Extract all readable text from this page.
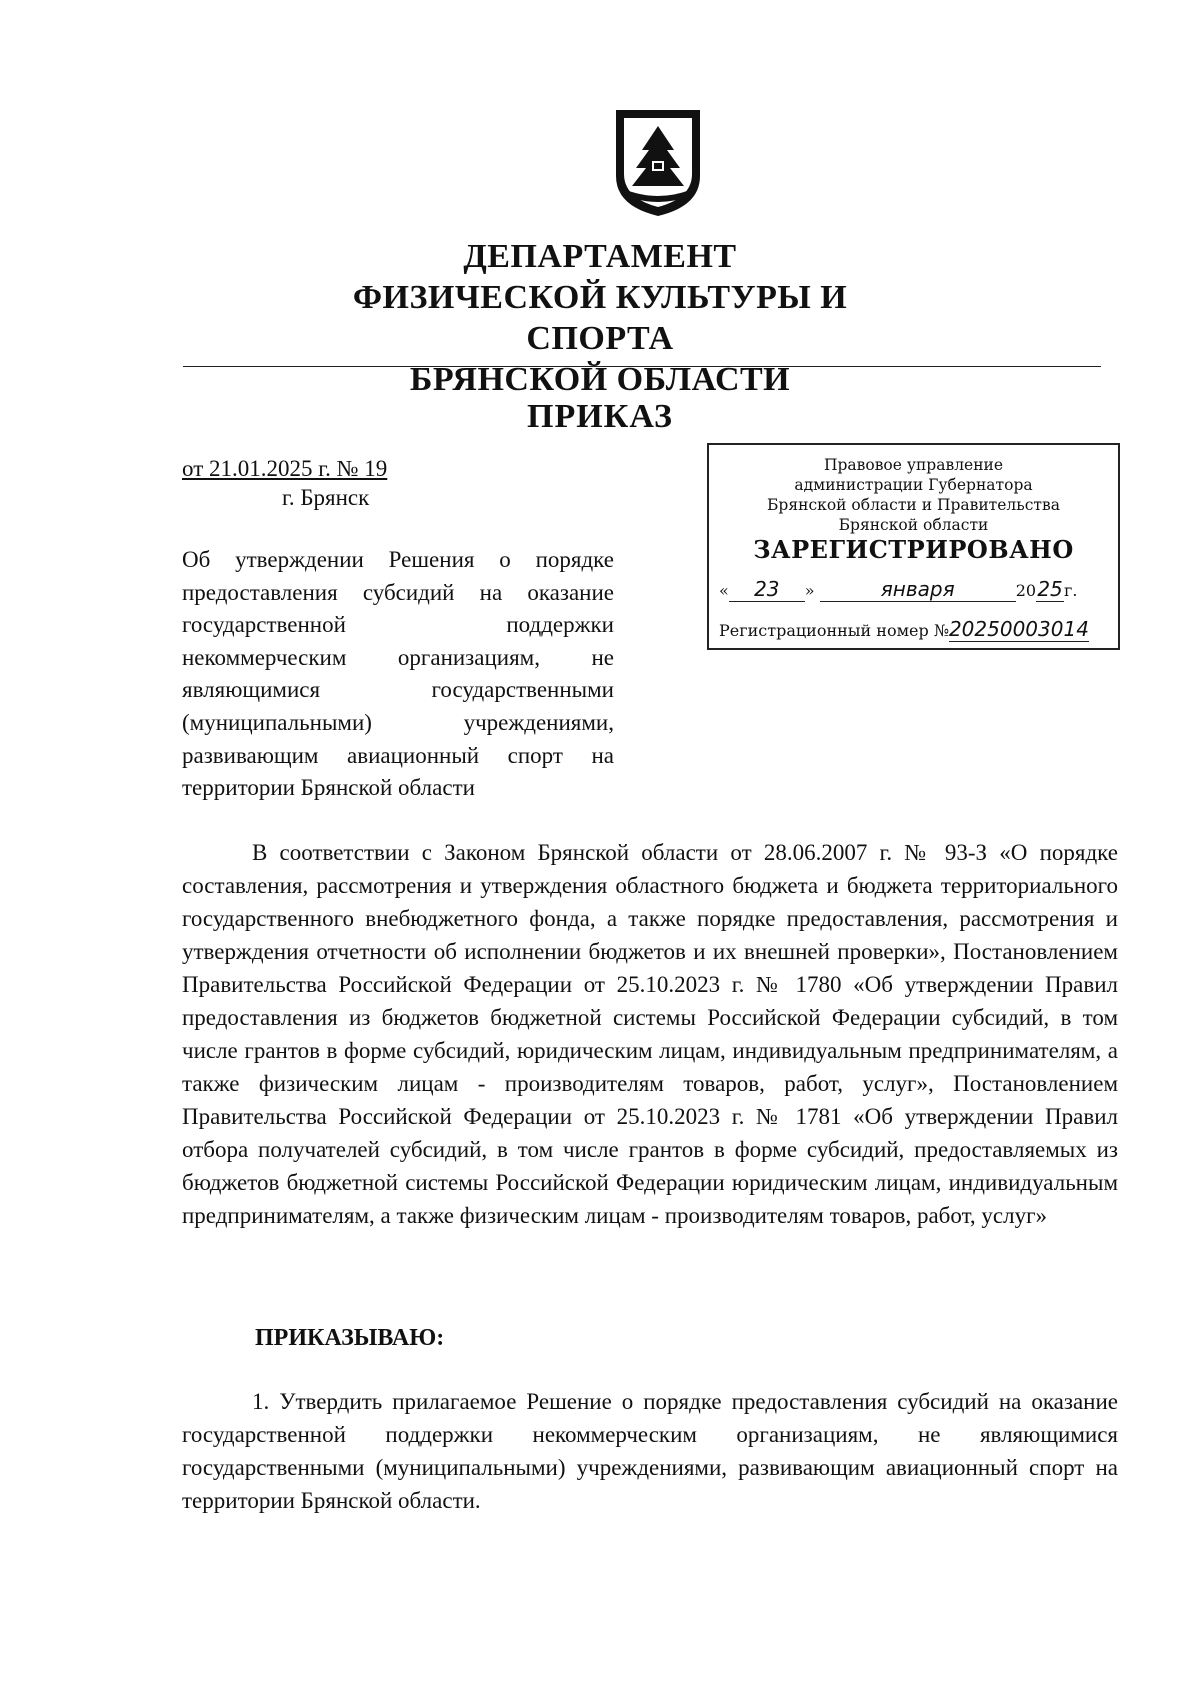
ДЕПАРТАМЕНТ
ФИЗИЧЕСКОЙ КУЛЬТУРЫ И СПОРТА
БРЯНСКОЙ ОБЛАСТИ
ПРИКАЗ
от 21.01.2025 г. № 19
г. Брянск
Правовое управление
администрации Губернатора
Брянской области и Правительства
Брянской области
ЗАРЕГИСТРИРОВАНО
« 23 »	января	2025г.
Регистрационный номер №20250003014
Об утверждении Решения о порядке предоставления субсидий на оказание государственной поддержки некоммерческим организациям, не являющимися государственными (муниципальными) учреждениями, развивающим авиационный спорт на территории Брянской области

В соответствии с Законом Брянской области от 28.06.2007 г. № 93-З «О порядке составления, рассмотрения и утверждения областного бюджета и бюджета территориального государственного внебюджетного фонда, а также порядке предоставления, рассмотрения и утверждения отчетности об исполнении бюджетов и их внешней проверки», Постановлением Правительства Российской Федерации от 25.10.2023 г. № 1780 «Об утверждении Правил предоставления из бюджетов бюджетной системы Российской Федерации субсидий, в том числе грантов в форме субсидий, юридическим лицам, индивидуальным предпринимателям, а также физическим лицам - производителям товаров, работ, услуг», Постановлением Правительства Российской Федерации от 25.10.2023 г. № 1781 «Об утверждении Правил отбора получателей субсидий, в том числе грантов в форме субсидий, предоставляемых из бюджетов бюджетной системы Российской Федерации юридическим лицам, индивидуальным предпринимателям, а также физическим лицам - производителям товаров, работ, услуг»

ПРИКАЗЫВАЮ:

1. Утвердить прилагаемое Решение о порядке предоставления субсидий на оказание государственной поддержки некоммерческим организациям, не являющимися государственными (муниципальными) учреждениями, развивающим авиационный спорт на территории Брянской области.
